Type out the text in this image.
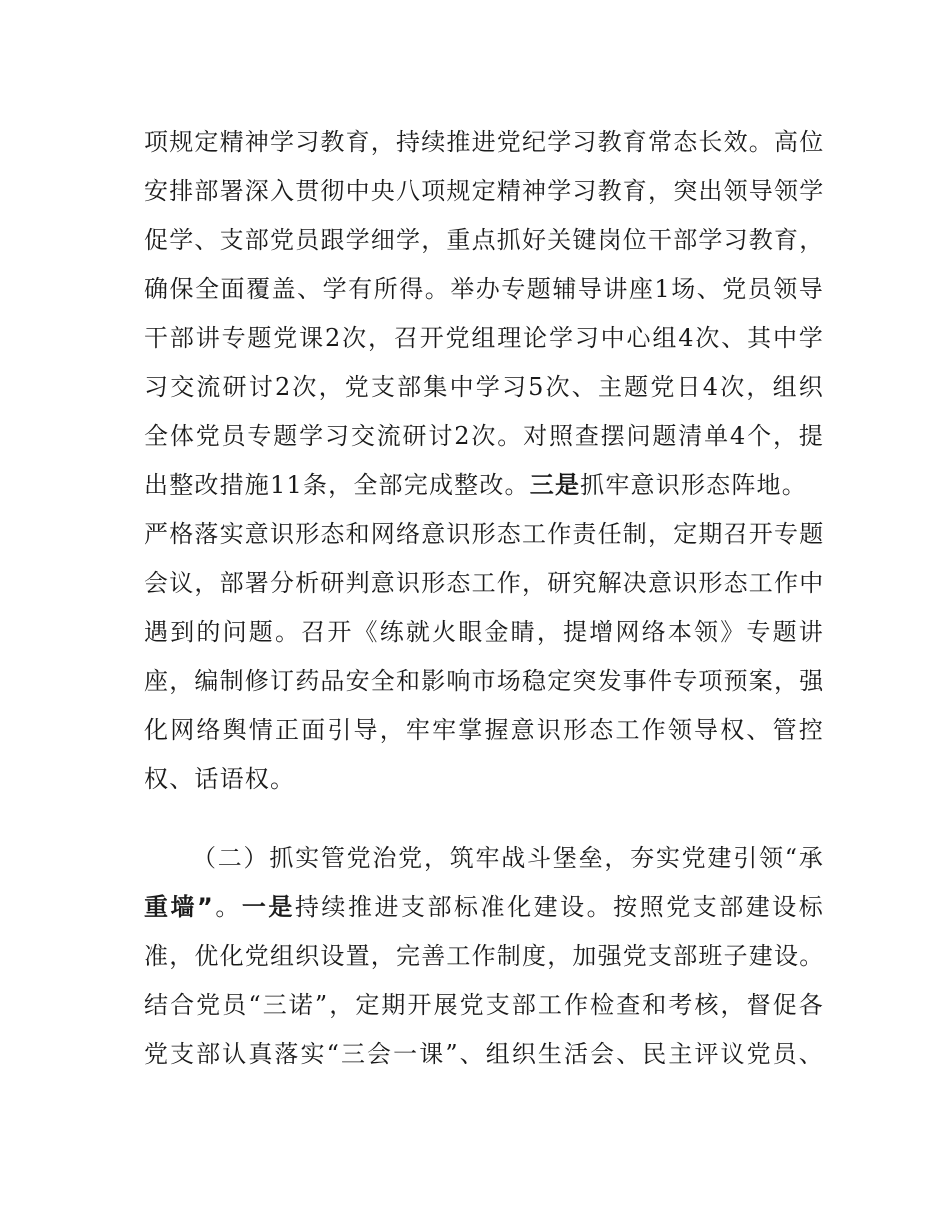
项规定精神学习教育，持续推进党纪学习教育常态长效。高位
安排部署深入贯彻中央八项规定精神学习教育，突出领导领学
促学、支部党员跟学细学，重点抓好关键岗位干部学习教育，
确保全面覆盖、学有所得。举办专题辅导讲座1场、党员领导
干部讲专题党课2次，召开党组理论学习中心组4次、其中学
习交流研讨2次，党支部集中学习5次、主题党日4次，组织
全体党员专题学习交流研讨2次。对照查摆问题清单4个，提
出整改措施11条，全部完成整改。三是抓牢意识形态阵地。
严格落实意识形态和网络意识形态工作责任制，定期召开专题
会议，部署分析研判意识形态工作，研究解决意识形态工作中
遇到的问题。召开《练就火眼金睛，提增网络本领》专题讲
座，编制修订药品安全和影响市场稳定突发事件专项预案，强
化网络舆情正面引导，牢牢掌握意识形态工作领导权、管控
权、话语权。
（二）抓实管党治党，筑牢战斗堡垒，夯实党建引领“承
重墙”。一是持续推进支部标准化建设。按照党支部建设标
准，优化党组织设置，完善工作制度，加强党支部班子建设。
结合党员“三诺”，定期开展党支部工作检查和考核，督促各
党支部认真落实“三会一课”、组织生活会、民主评议党员、
